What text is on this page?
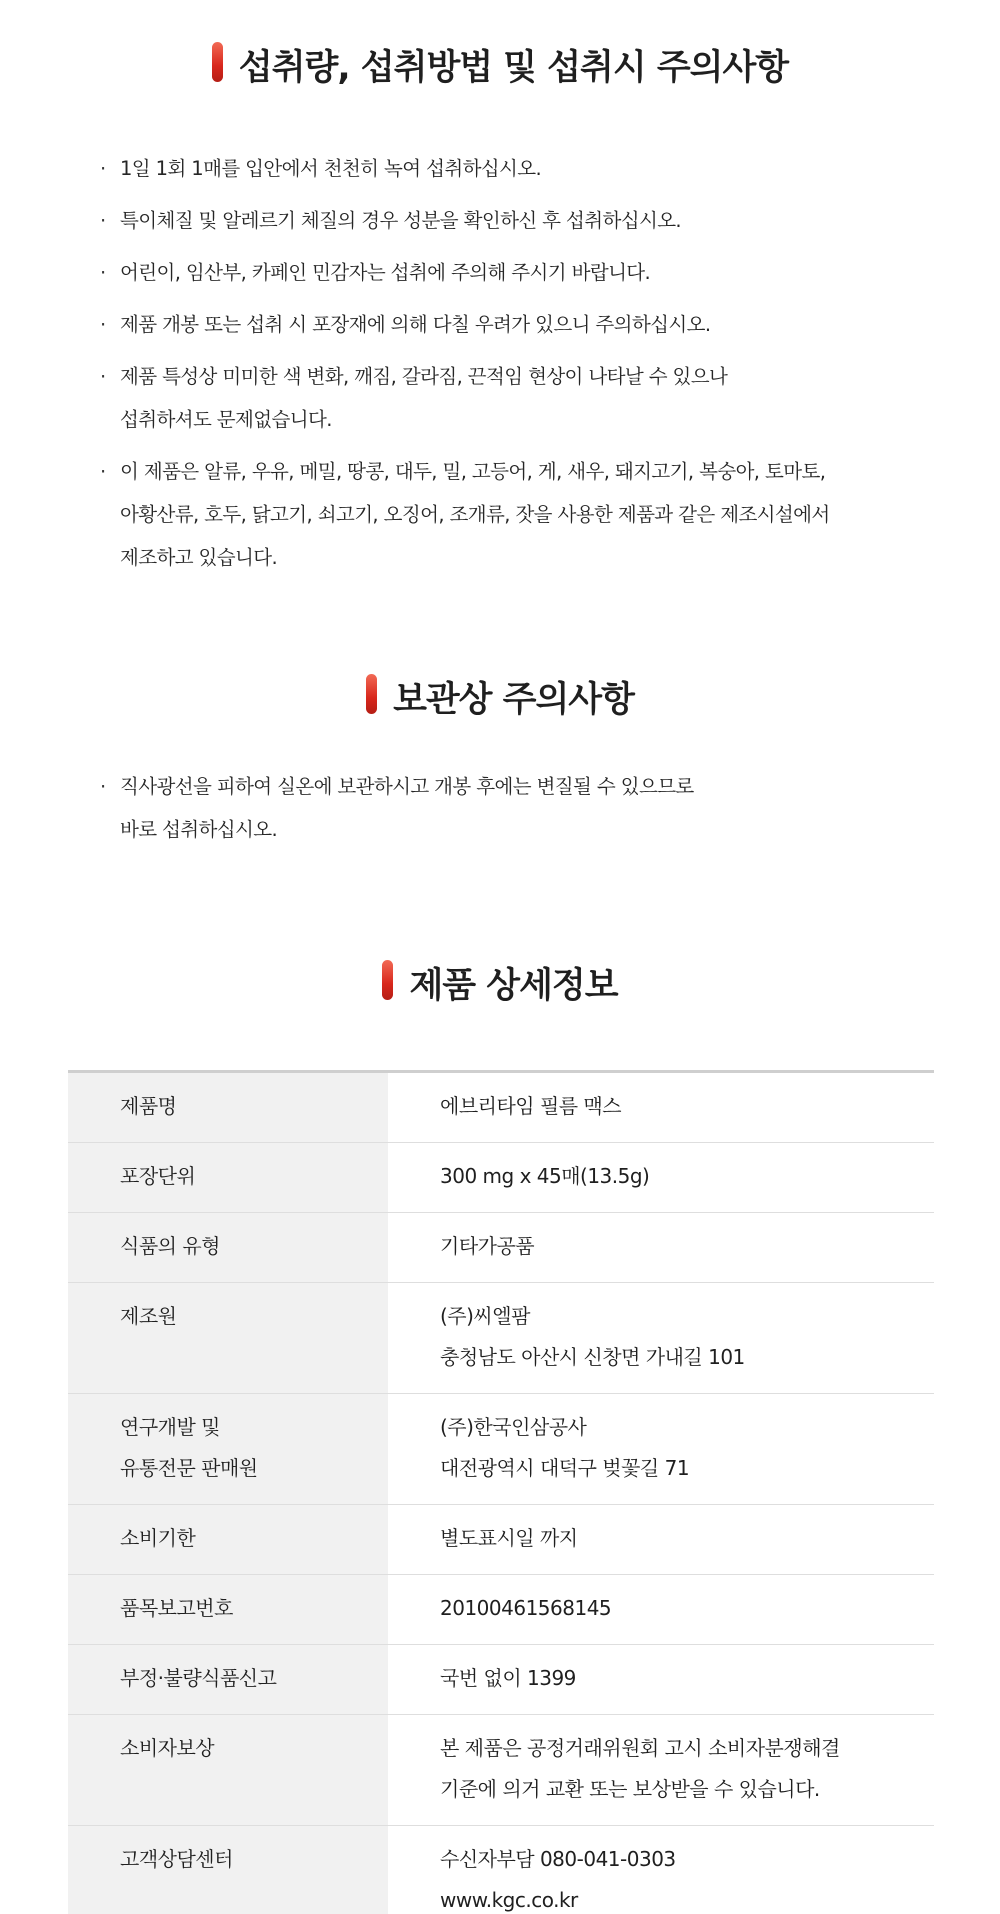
섭취량, 섭취방법 및 섭취시 주의사항
· 1일 1회 1매를 입안에서 천천히 녹여 섭취하십시오.
· 특이체질 및 알레르기 체질의 경우 성분을 확인하신 후 섭취하십시오.
· 어린이, 임산부, 카페인 민감자는 섭취에 주의해 주시기 바랍니다.
· 제품 개봉 또는 섭취 시 포장재에 의해 다칠 우려가 있으니 주의하십시오.
· 제품 특성상 미미한 색 변화, 깨짐, 갈라짐, 끈적임 현상이 나타날 수 있으나
섭취하셔도 문제없습니다.
· 이 제품은 알류, 우유, 메밀, 땅콩, 대두, 밀, 고등어, 게, 새우, 돼지고기, 복숭아, 토마토,
아황산류, 호두, 닭고기, 쇠고기, 오징어, 조개류, 잣을 사용한 제품과 같은 제조시설에서
제조하고 있습니다.
보관상 주의사항
· 직사광선을 피하여 실온에 보관하시고 개봉 후에는 변질될 수 있으므로
바로 섭취하십시오.
제품 상세정보
제품명	에브리타임 필름 맥스
포장단위	300 mg x 45매(13.5g)
식품의 유형	기타가공품
제조원	(주)씨엘팜
충청남도 아산시 신창면 가내길 101
연구개발 및
유통전문 판매원	(주)한국인삼공사
대전광역시 대덕구 벚꽃길 71
소비기한	별도표시일 까지
품목보고번호	20100461568145
부정·불량식품신고	국번 없이 1399
소비자보상	본 제품은 공정거래위원회 고시 소비자분쟁해결
기준에 의거 교환 또는 보상받을 수 있습니다.
고객상담센터	수신자부담 080-041-0303
www.kgc.co.kr
